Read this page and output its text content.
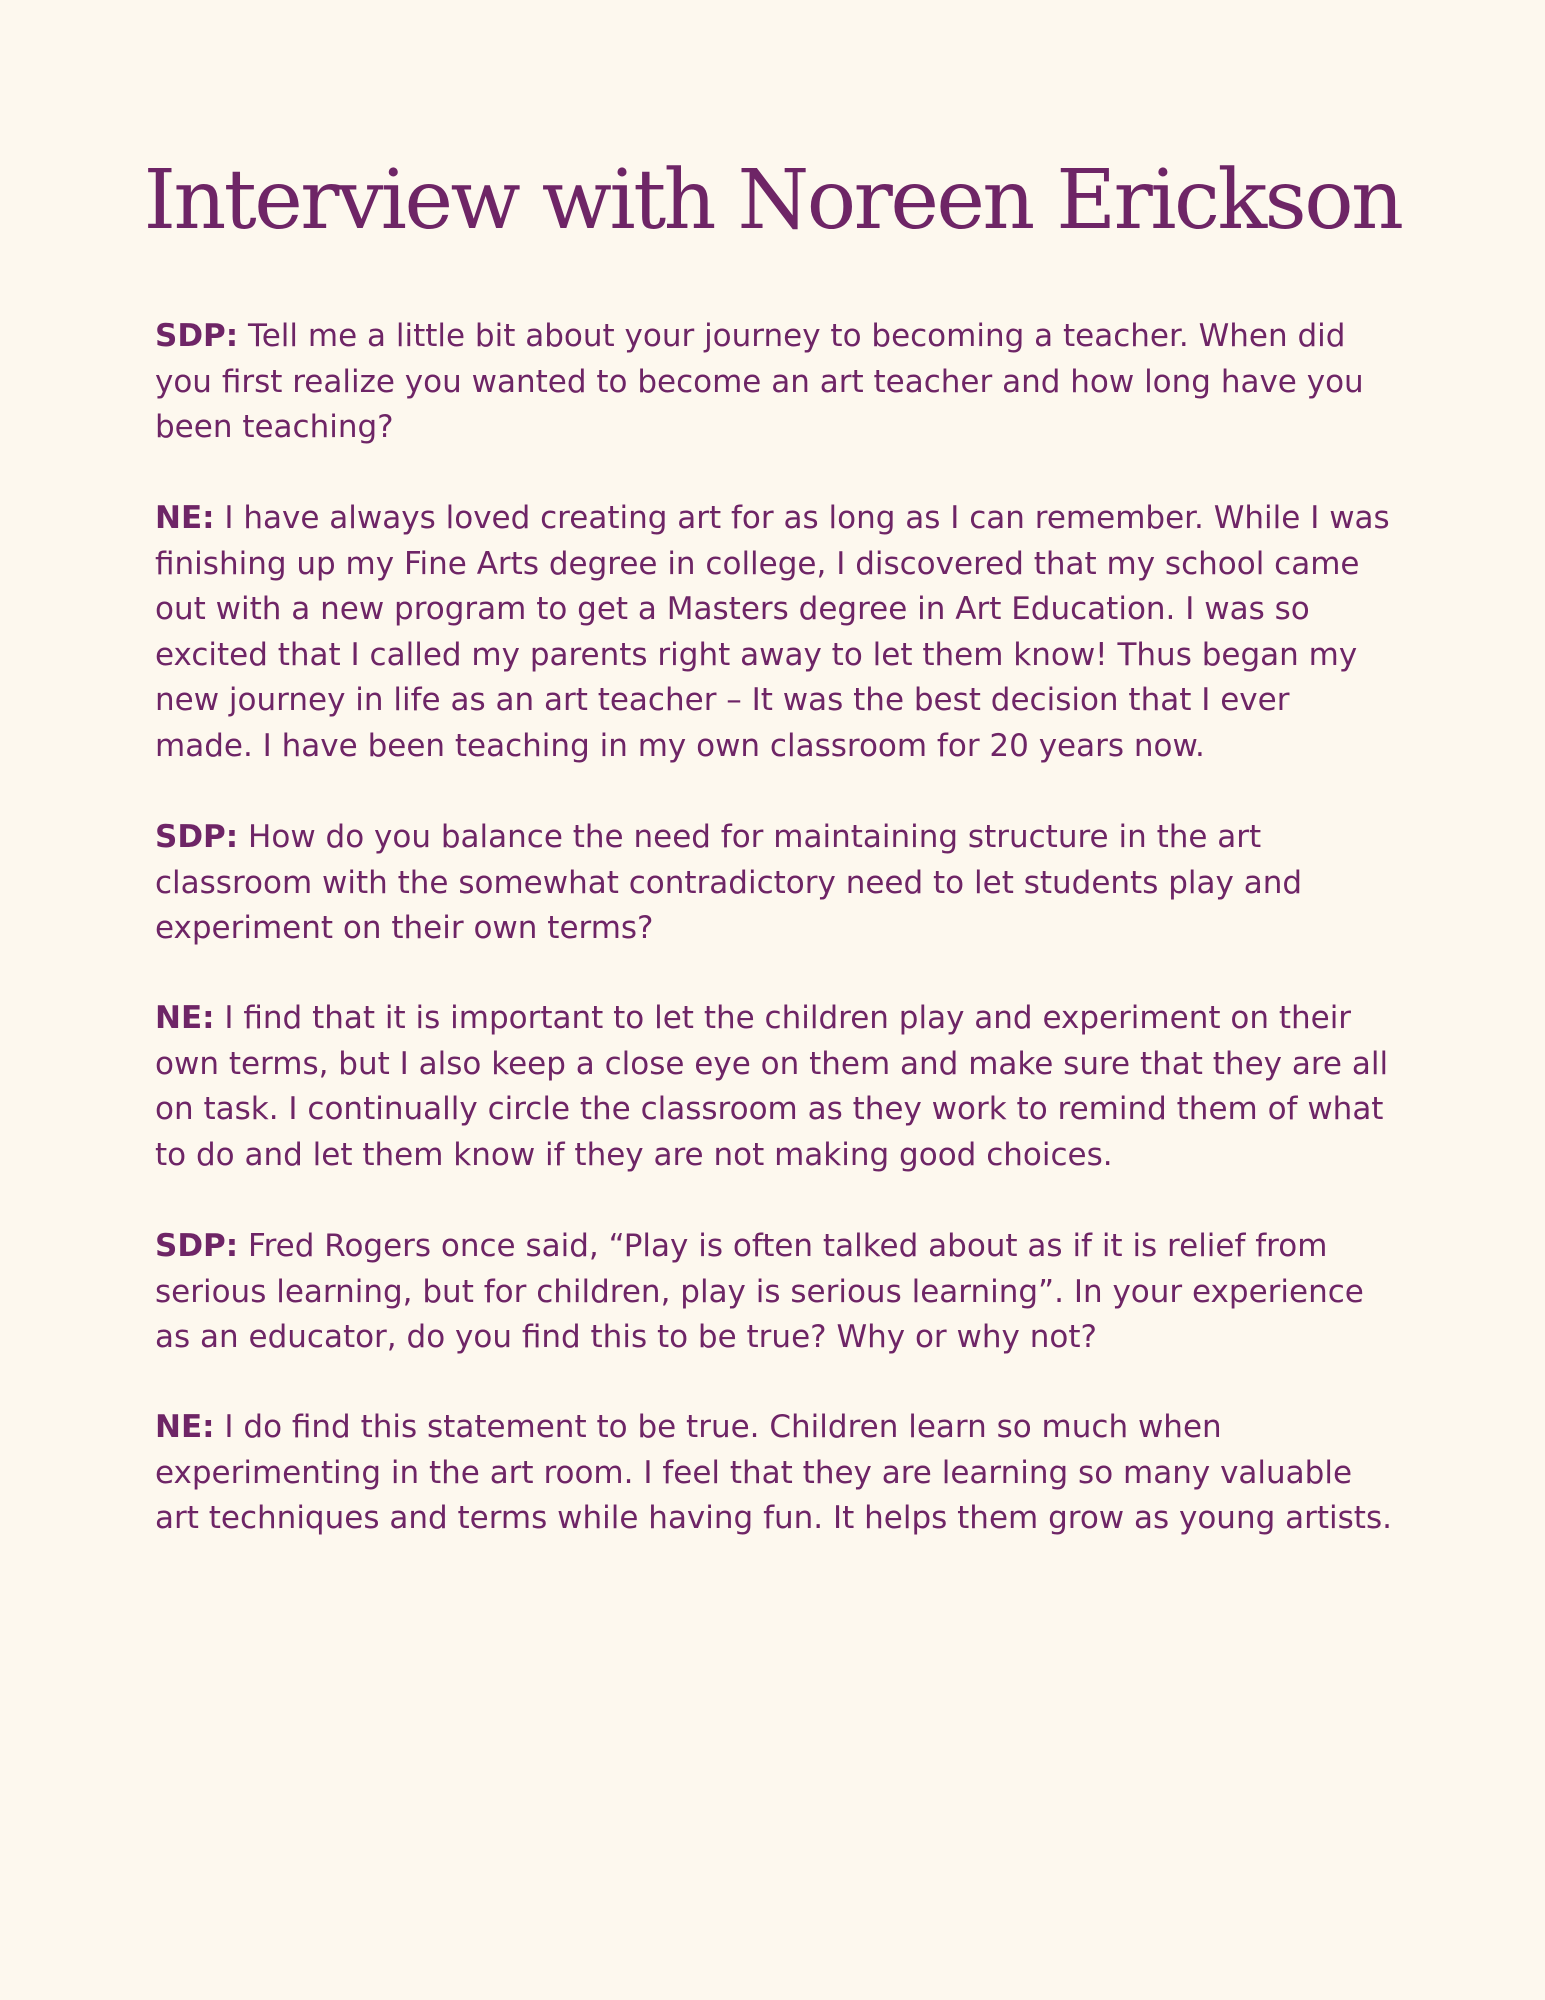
Interview with Noreen Erickson

SDP: Tell me a little bit about your journey to becoming a teacher. When did you first realize you wanted to become an art teacher and how long have you been teaching?

NE: I have always loved creating art for as long as I can remember. While I was finishing up my Fine Arts degree in college, I discovered that my school came out with a new program to get a Masters degree in Art Education. I was so excited that I called my parents right away to let them know! Thus began my new journey in life as an art teacher – It was the best decision that I ever made. I have been teaching in my own classroom for 20 years now.

SDP: How do you balance the need for maintaining structure in the art classroom with the somewhat contradictory need to let students play and experiment on their own terms?

NE: I find that it is important to let the children play and experiment on their own terms, but I also keep a close eye on them and make sure that they are all on task. I continually circle the classroom as they work to remind them of what to do and let them know if they are not making good choices.

SDP: Fred Rogers once said, “Play is often talked about as if it is relief from serious learning, but for children, play is serious learning”. In your experience as an educator, do you find this to be true? Why or why not?

NE: I do find this statement to be true. Children learn so much when experimenting in the art room. I feel that they are learning so many valuable art techniques and terms while having fun. It helps them grow as young artists.
